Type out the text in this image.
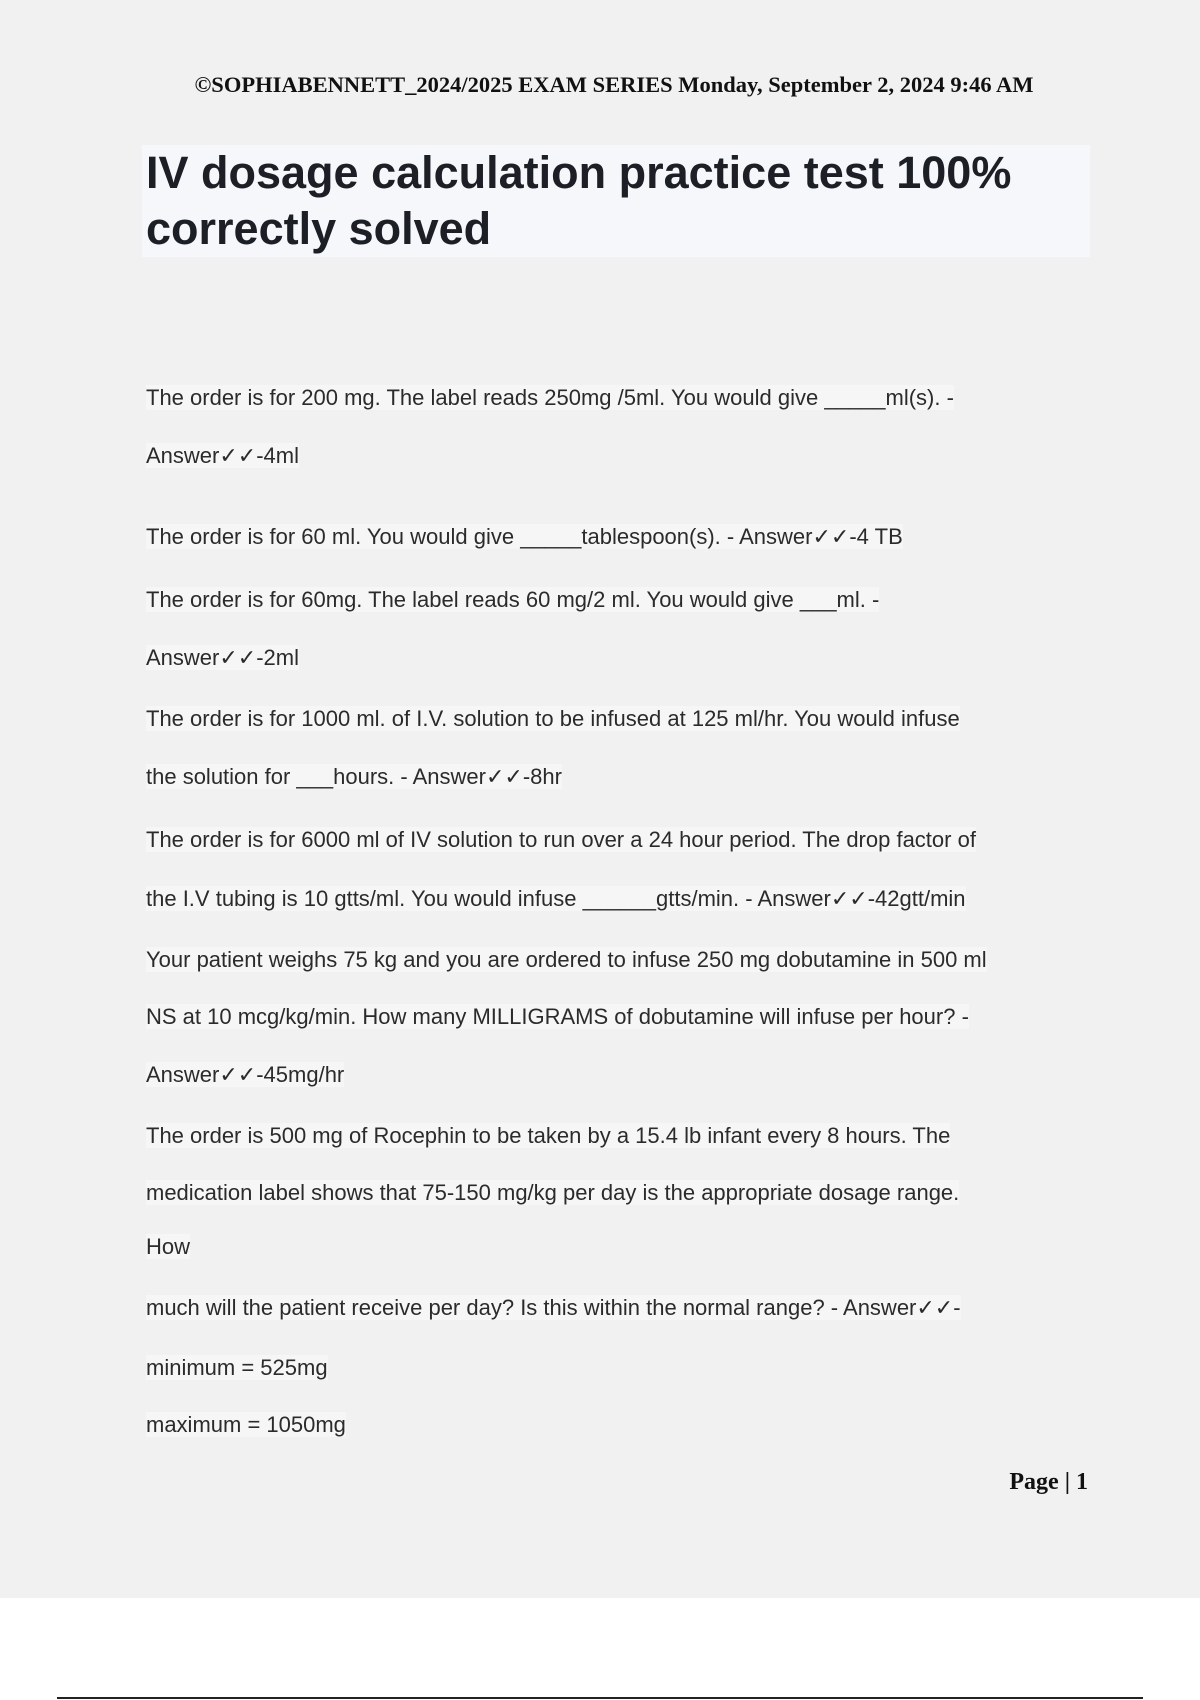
©SOPHIABENNETT_2024/2025 EXAM SERIES Monday, September 2, 2024 9:46 AM
IV dosage calculation practice test 100% correctly solved
The order is for 200 mg. The label reads 250mg /5ml. You would give _____ml(s). -
Answer✓✓-4ml
The order is for 60 ml. You would give _____tablespoon(s). - Answer✓✓-4 TB
The order is for 60mg. The label reads 60 mg/2 ml. You would give ___ml. -
Answer✓✓-2ml
The order is for 1000 ml. of I.V. solution to be infused at 125 ml/hr. You would infuse
the solution for ___hours. - Answer✓✓-8hr
The order is for 6000 ml of IV solution to run over a 24 hour period. The drop factor of
the I.V tubing is 10 gtts/ml. You would infuse ______gtts/min. - Answer✓✓-42gtt/min
Your patient weighs 75 kg and you are ordered to infuse 250 mg dobutamine in 500 ml
NS at 10 mcg/kg/min. How many MILLIGRAMS of dobutamine will infuse per hour? -
Answer✓✓-45mg/hr
The order is 500 mg of Rocephin to be taken by a 15.4 lb infant every 8 hours. The
medication label shows that 75-150 mg/kg per day is the appropriate dosage range.
How
much will the patient receive per day? Is this within the normal range? - Answer✓✓-
minimum = 525mg
maximum = 1050mg
Page | 1
